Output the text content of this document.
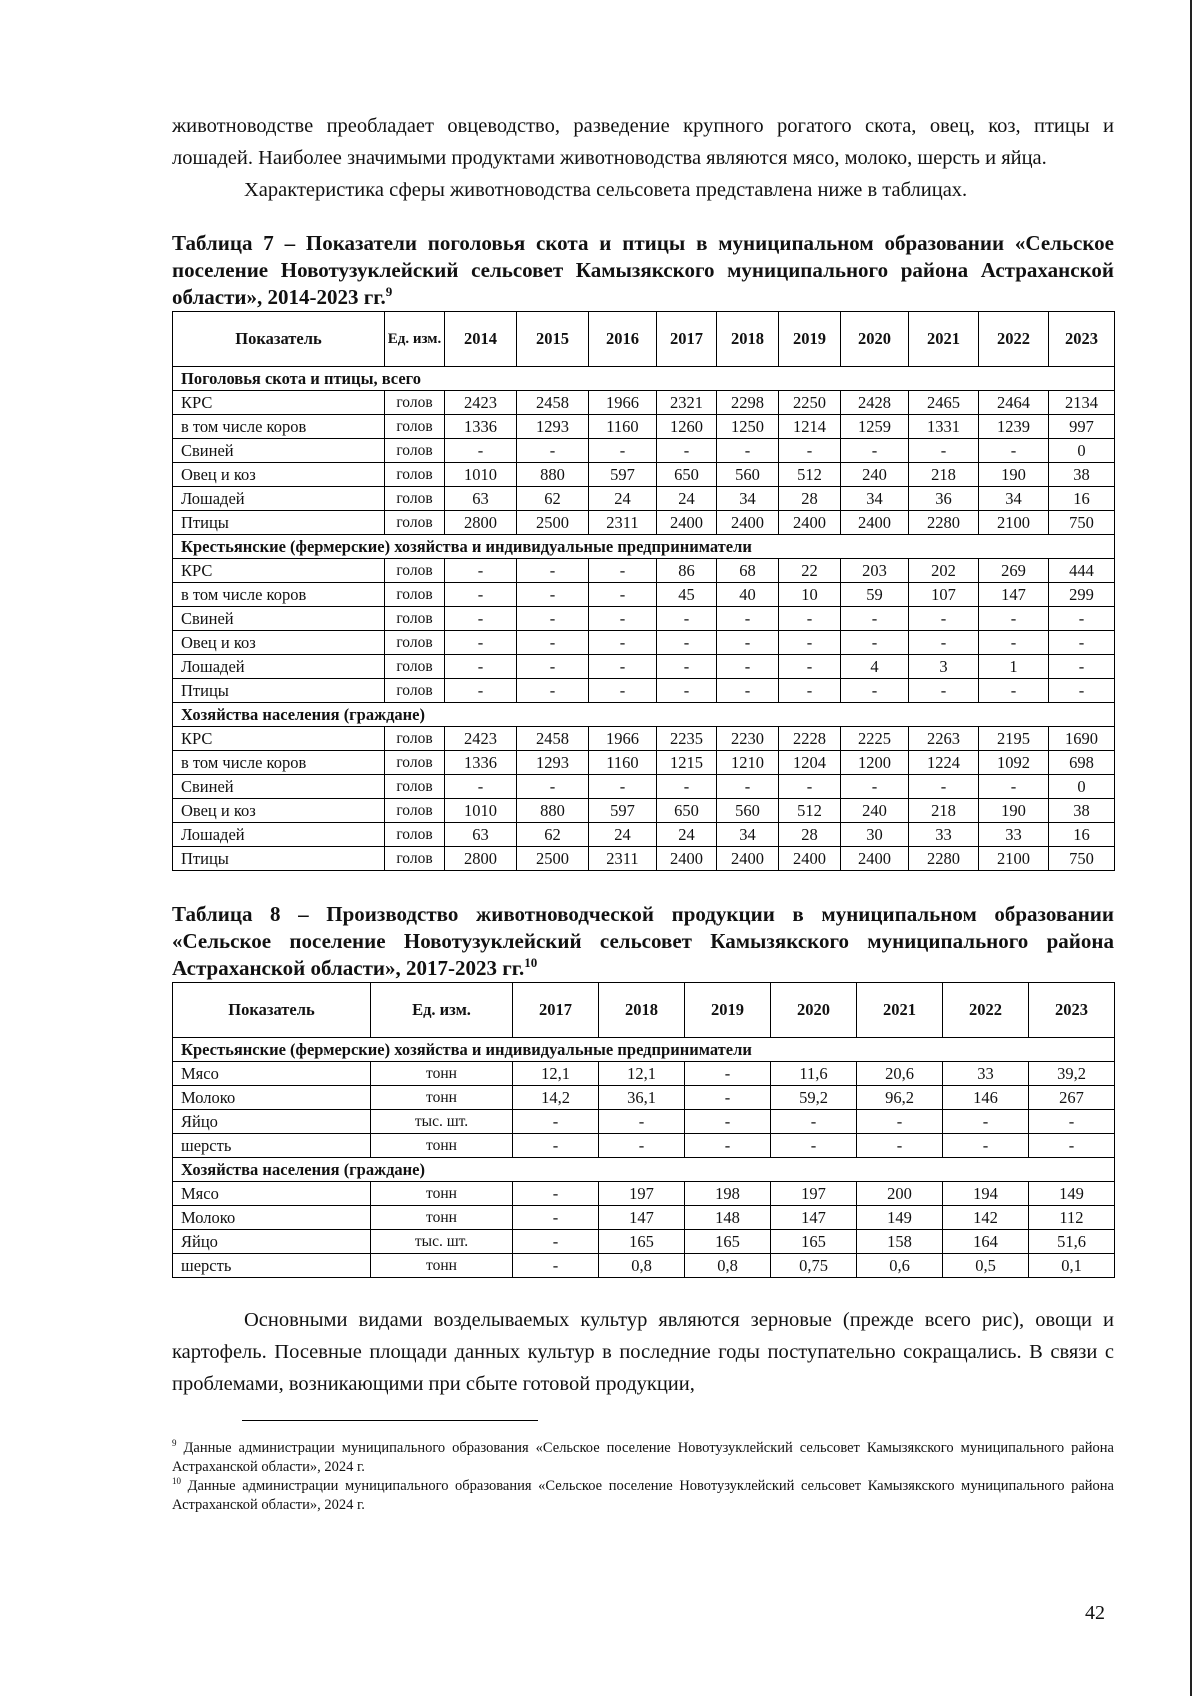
животноводстве преобладает овцеводство, разведение крупного рогатого скота, овец, коз, птицы и лошадей. Наиболее значимыми продуктами животноводства являются мясо, молоко, шерсть и яйца.

Характеристика сферы животноводства сельсовета представлена ниже в таблицах.

Таблица 7 – Показатели поголовья скота и птицы в муниципальном образовании «Сельское поселение Новотузуклейский сельсовет Камызякского муниципального района Астраханской области», 2014-2023 гг.$^9$

Показатель	Ед. изм.	2014	2015	2016	2017	2018	2019	2020	2021	2022	2023
Поголовья скота и птицы, всего											
КРС	голов	2423	2458	1966	2321	2298	2250	2428	2465	2464	2134
в том числе коров	голов	1336	1293	1160	1260	1250	1214	1259	1331	1239	997
Свиней	голов	-	-	-	-	-	-	-	-	-	0
Овец и коз	голов	1010	880	597	650	560	512	240	218	190	38
Лошадей	голов	63	62	24	24	34	28	34	36	34	16
Птицы	голов	2800	2500	2311	2400	2400	2400	2400	2280	2100	750
Крестьянские (фермерские) хозяйства и индивидуальные предприниматели											
КРС	голов	-	-	-	86	68	22	203	202	269	444
в том числе коров	голов	-	-	-	45	40	10	59	107	147	299
Свиней	голов	-	-	-	-	-	-	-	-	-	-
Овец и коз	голов	-	-	-	-	-	-	-	-	-	-
Лошадей	голов	-	-	-	-	-	-	4	3	1	-
Птицы	голов	-	-	-	-	-	-	-	-	-	-
Хозяйства населения (граждане)											
КРС	голов	2423	2458	1966	2235	2230	2228	2225	2263	2195	1690
в том числе коров	голов	1336	1293	1160	1215	1210	1204	1200	1224	1092	698
Свиней	голов	-	-	-	-	-	-	-	-	-	0
Овец и коз	голов	1010	880	597	650	560	512	240	218	190	38
Лошадей	голов	63	62	24	24	34	28	30	33	33	16
Птицы	голов	2800	2500	2311	2400	2400	2400	2400	2280	2100	750

Таблица 8 – Производство животноводческой продукции в муниципальном образовании «Сельское поселение Новотузуклейский сельсовет Камызякского муниципального района Астраханской области», 2017-2023 гг.$^{10}$

Показатель	Ед. изм.	2017	2018	2019	2020	2021	2022	2023
Крестьянские (фермерские) хозяйства и индивидуальные предприниматели								
Мясо	тонн	12,1	12,1	-	11,6	20,6	33	39,2
Молоко	тонн	14,2	36,1	-	59,2	96,2	146	267
Яйцо	тыс. шт.	-	-	-	-	-	-	-
шерсть	тонн	-	-	-	-	-	-	-
Хозяйства населения (граждане)								
Мясо	тонн	-	197	198	197	200	194	149
Молоко	тонн	-	147	148	147	149	142	112
Яйцо	тыс. шт.	-	165	165	165	158	164	51,6
шерсть	тонн	-	0,8	0,8	0,75	0,6	0,5	0,1

Основными видами возделываемых культур являются зерновые (прежде всего рис), овощи и картофель. Посевные площади данных культур в последние годы поступательно сокращались. В связи с проблемами, возникающими при сбыте готовой продукции,

$^9$ Данные администрации муниципального образования «Сельское поселение Новотузуклейский сельсовет Камызякского муниципального района Астраханской области», 2024 г.

$^{10}$ Данные администрации муниципального образования «Сельское поселение Новотузуклейский сельсовет Камызякского муниципального района Астраханской области», 2024 г.

42
